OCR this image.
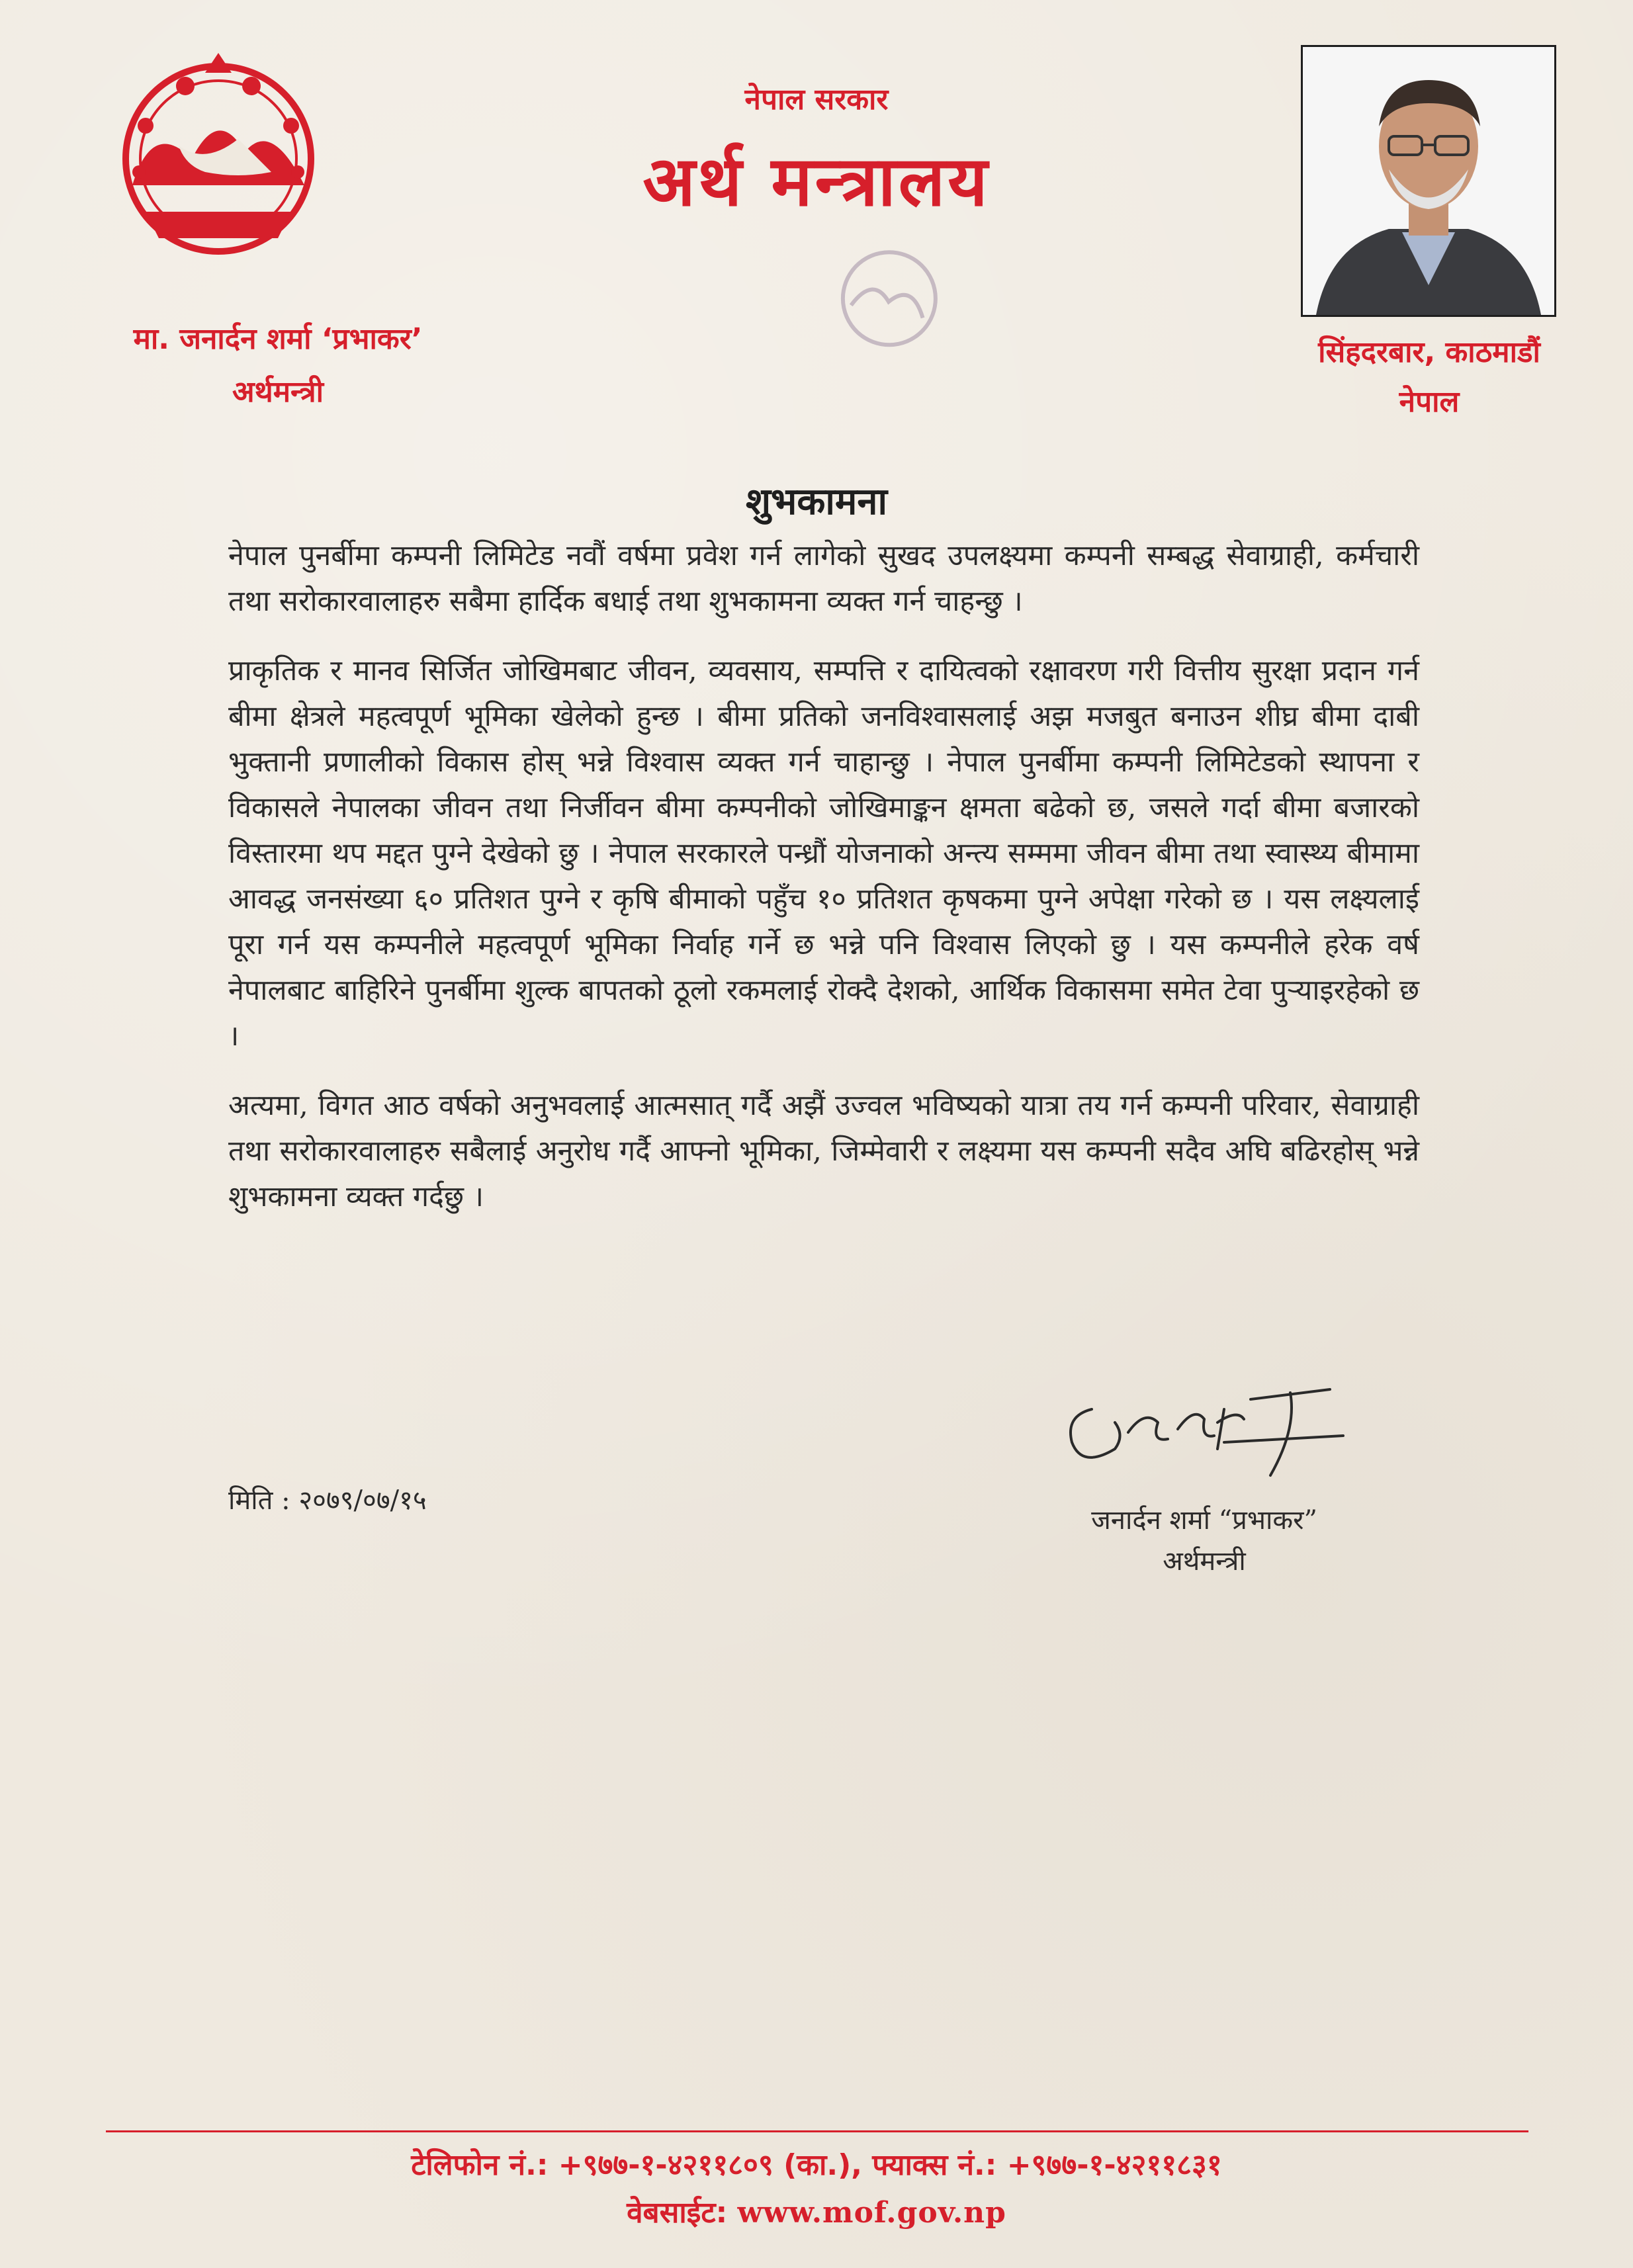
नेपाल सरकार
अर्थ मन्त्रालय
मा. जनार्दन शर्मा ‘प्रभाकर’
अर्थमन्त्री
सिंहदरबार, काठमाडौं
नेपाल
शुभकामना

नेपाल पुनर्बीमा कम्पनी लिमिटेड नवौं वर्षमा प्रवेश गर्न लागेको सुखद उपलक्ष्यमा कम्पनी सम्बद्ध सेवाग्राही, कर्मचारी तथा सरोकारवालाहरु सबैमा हार्दिक बधाई तथा शुभकामना व्यक्त गर्न चाहन्छु ।

प्राकृतिक र मानव सिर्जित जोखिमबाट जीवन, व्यवसाय, सम्पत्ति र दायित्वको रक्षावरण गरी वित्तीय सुरक्षा प्रदान गर्न बीमा क्षेत्रले महत्वपूर्ण भूमिका खेलेको हुन्छ । बीमा प्रतिको जनविश्वासलाई अझ मजबुत बनाउन शीघ्र बीमा दाबी भुक्तानी प्रणालीको विकास होस् भन्ने विश्वास व्यक्त गर्न चाहान्छु । नेपाल पुनर्बीमा कम्पनी लिमिटेडको स्थापना र विकासले नेपालका जीवन तथा निर्जीवन बीमा कम्पनीको जोखिमाङ्कन क्षमता बढेको छ, जसले गर्दा बीमा बजारको विस्तारमा थप मद्दत पुग्ने देखेको छु । नेपाल सरकारले पन्ध्रौं योजनाको अन्त्य सम्ममा जीवन बीमा तथा स्वास्थ्य बीमामा आवद्ध जनसंख्या ६० प्रतिशत पुग्ने र कृषि बीमाको पहुँच १० प्रतिशत कृषकमा पुग्ने अपेक्षा गरेको छ । यस लक्ष्यलाई पूरा गर्न यस कम्पनीले महत्वपूर्ण भूमिका निर्वाह गर्ने छ भन्ने पनि विश्वास लिएको छु । यस कम्पनीले हरेक वर्ष नेपालबाट बाहिरिने पुनर्बीमा शुल्क बापतको ठूलो रकमलाई रोक्दै देशको, आर्थिक विकासमा समेत टेवा पुऱ्याइरहेको छ ।

अत्यमा, विगत आठ वर्षको अनुभवलाई आत्मसात् गर्दै अझैं उज्वल भविष्यको यात्रा तय गर्न कम्पनी परिवार, सेवाग्राही तथा सरोकारवालाहरु सबैलाई अनुरोध गर्दै आफ्नो भूमिका, जिम्मेवारी र लक्ष्यमा यस कम्पनी सदैव अघि बढिरहोस् भन्ने शुभकामना व्यक्त गर्दछु ।

मिति : २०७९/०७/१५
जनार्दन शर्मा “प्रभाकर”
अर्थमन्त्री
टेलिफोन नं.: +९७७-१-४२११८०९ (का.), फ्याक्स नं.: +९७७-१-४२११८३१
वेबसाईट: www.mof.gov.np
